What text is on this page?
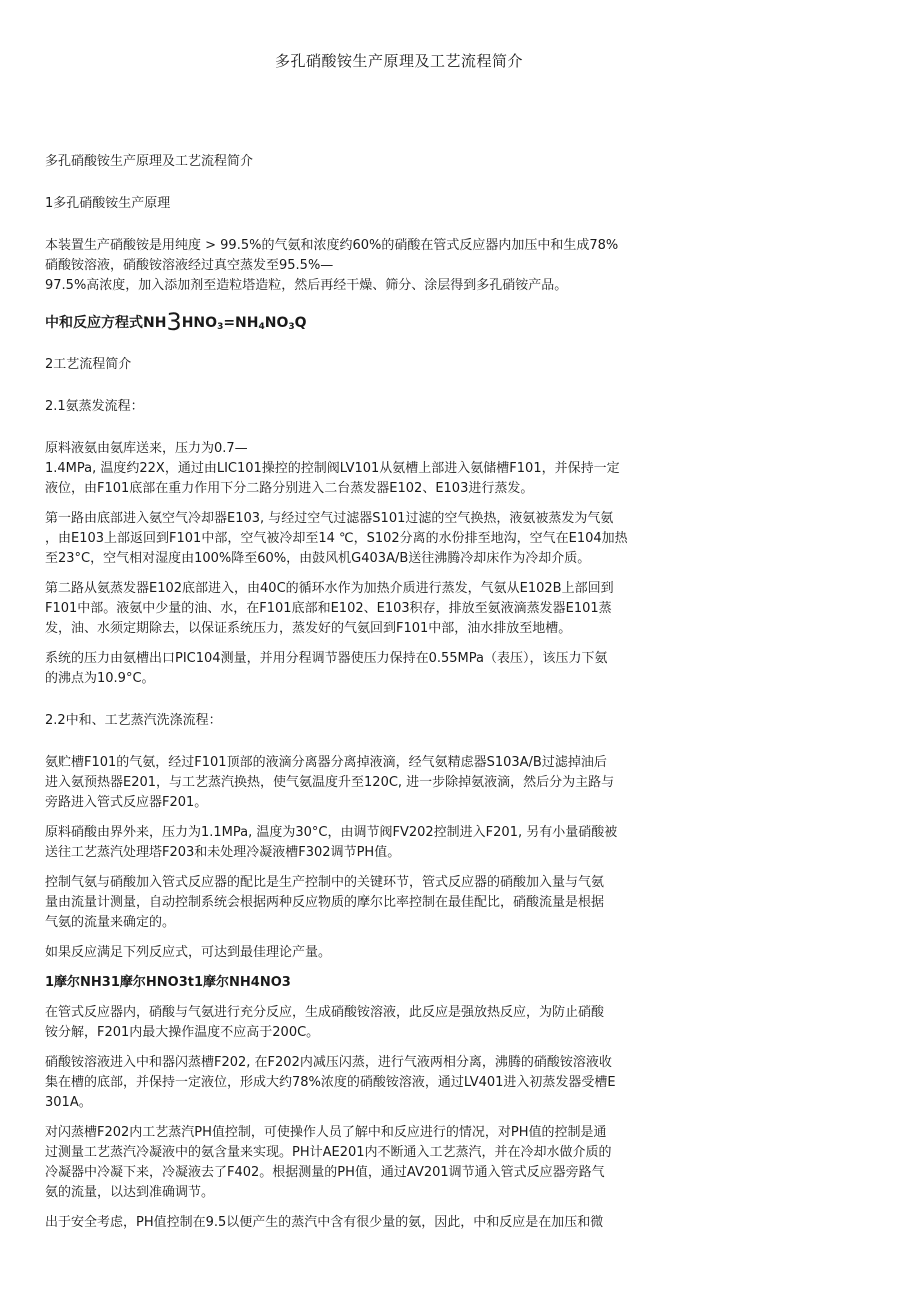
多孔硝酸铵生产原理及工艺流程简介

多孔硝酸铵生产原理及工艺流程简介

1多孔硝酸铵生产原理

本装置生产硝酸铵是用纯度 > 99.5%的气氨和浓度约60%的硝酸在管式反应器内加压中和生成78%
硝酸铵溶液，硝酸铵溶液经过真空蒸发至95.5%—
97.5%高浓度，加入添加剂至造粒塔造粒，然后再经干燥、筛分、涂层得到多孔硝铵产品。

中和反应方程式$NH3HNO_3=NH_4NO_3Q$

2工艺流程简介

2.1氨蒸发流程：

原料液氨由氨库送来，压力为0.7—
1.4MPa, 温度约22X，通过由LIC101操控的控制阀LV101从氨槽上部进入氨储槽F101，并保持一定
液位，由F101底部在重力作用下分二路分别进入二台蒸发器E102、E103进行蒸发。

第一路由底部进入氨空气冷却器E103, 与经过空气过滤器S101过滤的空气换热，液氨被蒸发为气氨
，由E103上部返回到F101中部，空气被冷却至14 ℃，S102分离的水份排至地沟，空气在E104加热
至23°C，空气相对湿度由100%降至60%，由鼓风机G403A/B送往沸腾冷却床作为冷却介质。

第二路从氨蒸发器E102底部进入，由40C的循环水作为加热介质进行蒸发，气氨从E102B上部回到
F101中部。液氨中少量的油、水，在F101底部和E102、E103积存，排放至氨液滴蒸发器E101蒸
发，油、水须定期除去，以保证系统压力，蒸发好的气氨回到F101中部，油水排放至地槽。

系统的压力由氨槽出口PIC104测量，并用分程调节器使压力保持在0.55MPa（表压），该压力下氨
的沸点为10.9°C。

2.2中和、工艺蒸汽洗涤流程：

氨贮槽F101的气氨，经过F101顶部的液滴分离器分离掉液滴，经气氨精虑器S103A/B过滤掉油后
进入氨预热器E201，与工艺蒸汽换热，使气氨温度升至120C, 进一步除掉氨液滴，然后分为主路与
旁路进入管式反应器F201。

原料硝酸由界外来，压力为1.1MPa, 温度为30°C，由调节阀FV202控制进入F201, 另有小量硝酸被
送往工艺蒸汽处理塔F203和未处理冷凝液槽F302调节PH值。

控制气氨与硝酸加入管式反应器的配比是生产控制中的关键环节，管式反应器的硝酸加入量与气氨
量由流量计测量，自动控制系统会根据两种反应物质的摩尔比率控制在最佳配比，硝酸流量是根据
气氨的流量来确定的。

如果反应满足下列反应式，可达到最佳理论产量。

1摩尔NH31摩尔HNO3t1摩尔NH4NO3

在管式反应器内，硝酸与气氨进行充分反应，生成硝酸铵溶液，此反应是强放热反应，为防止硝酸
铵分解，F201内最大操作温度不应高于200C。

硝酸铵溶液进入中和器闪蒸槽F202, 在F202内减压闪蒸，进行气液两相分离，沸腾的硝酸铵溶液收
集在槽的底部，并保持一定液位，形成大约78%浓度的硝酸铵溶液，通过LV401进入初蒸发器受槽E
301A。

对闪蒸槽F202内工艺蒸汽PH值控制，可使操作人员了解中和反应进行的情况，对PH值的控制是通
过测量工艺蒸汽冷凝液中的氨含量来实现。PH计AE201内不断通入工艺蒸汽，并在冷却水做介质的
冷凝器中冷凝下来，冷凝液去了F402。根据测量的PH值，通过AV201调节通入管式反应器旁路气
氨的流量，以达到准确调节。

出于安全考虑，PH值控制在9.5以便产生的蒸汽中含有很少量的氨，因此，中和反应是在加压和微
